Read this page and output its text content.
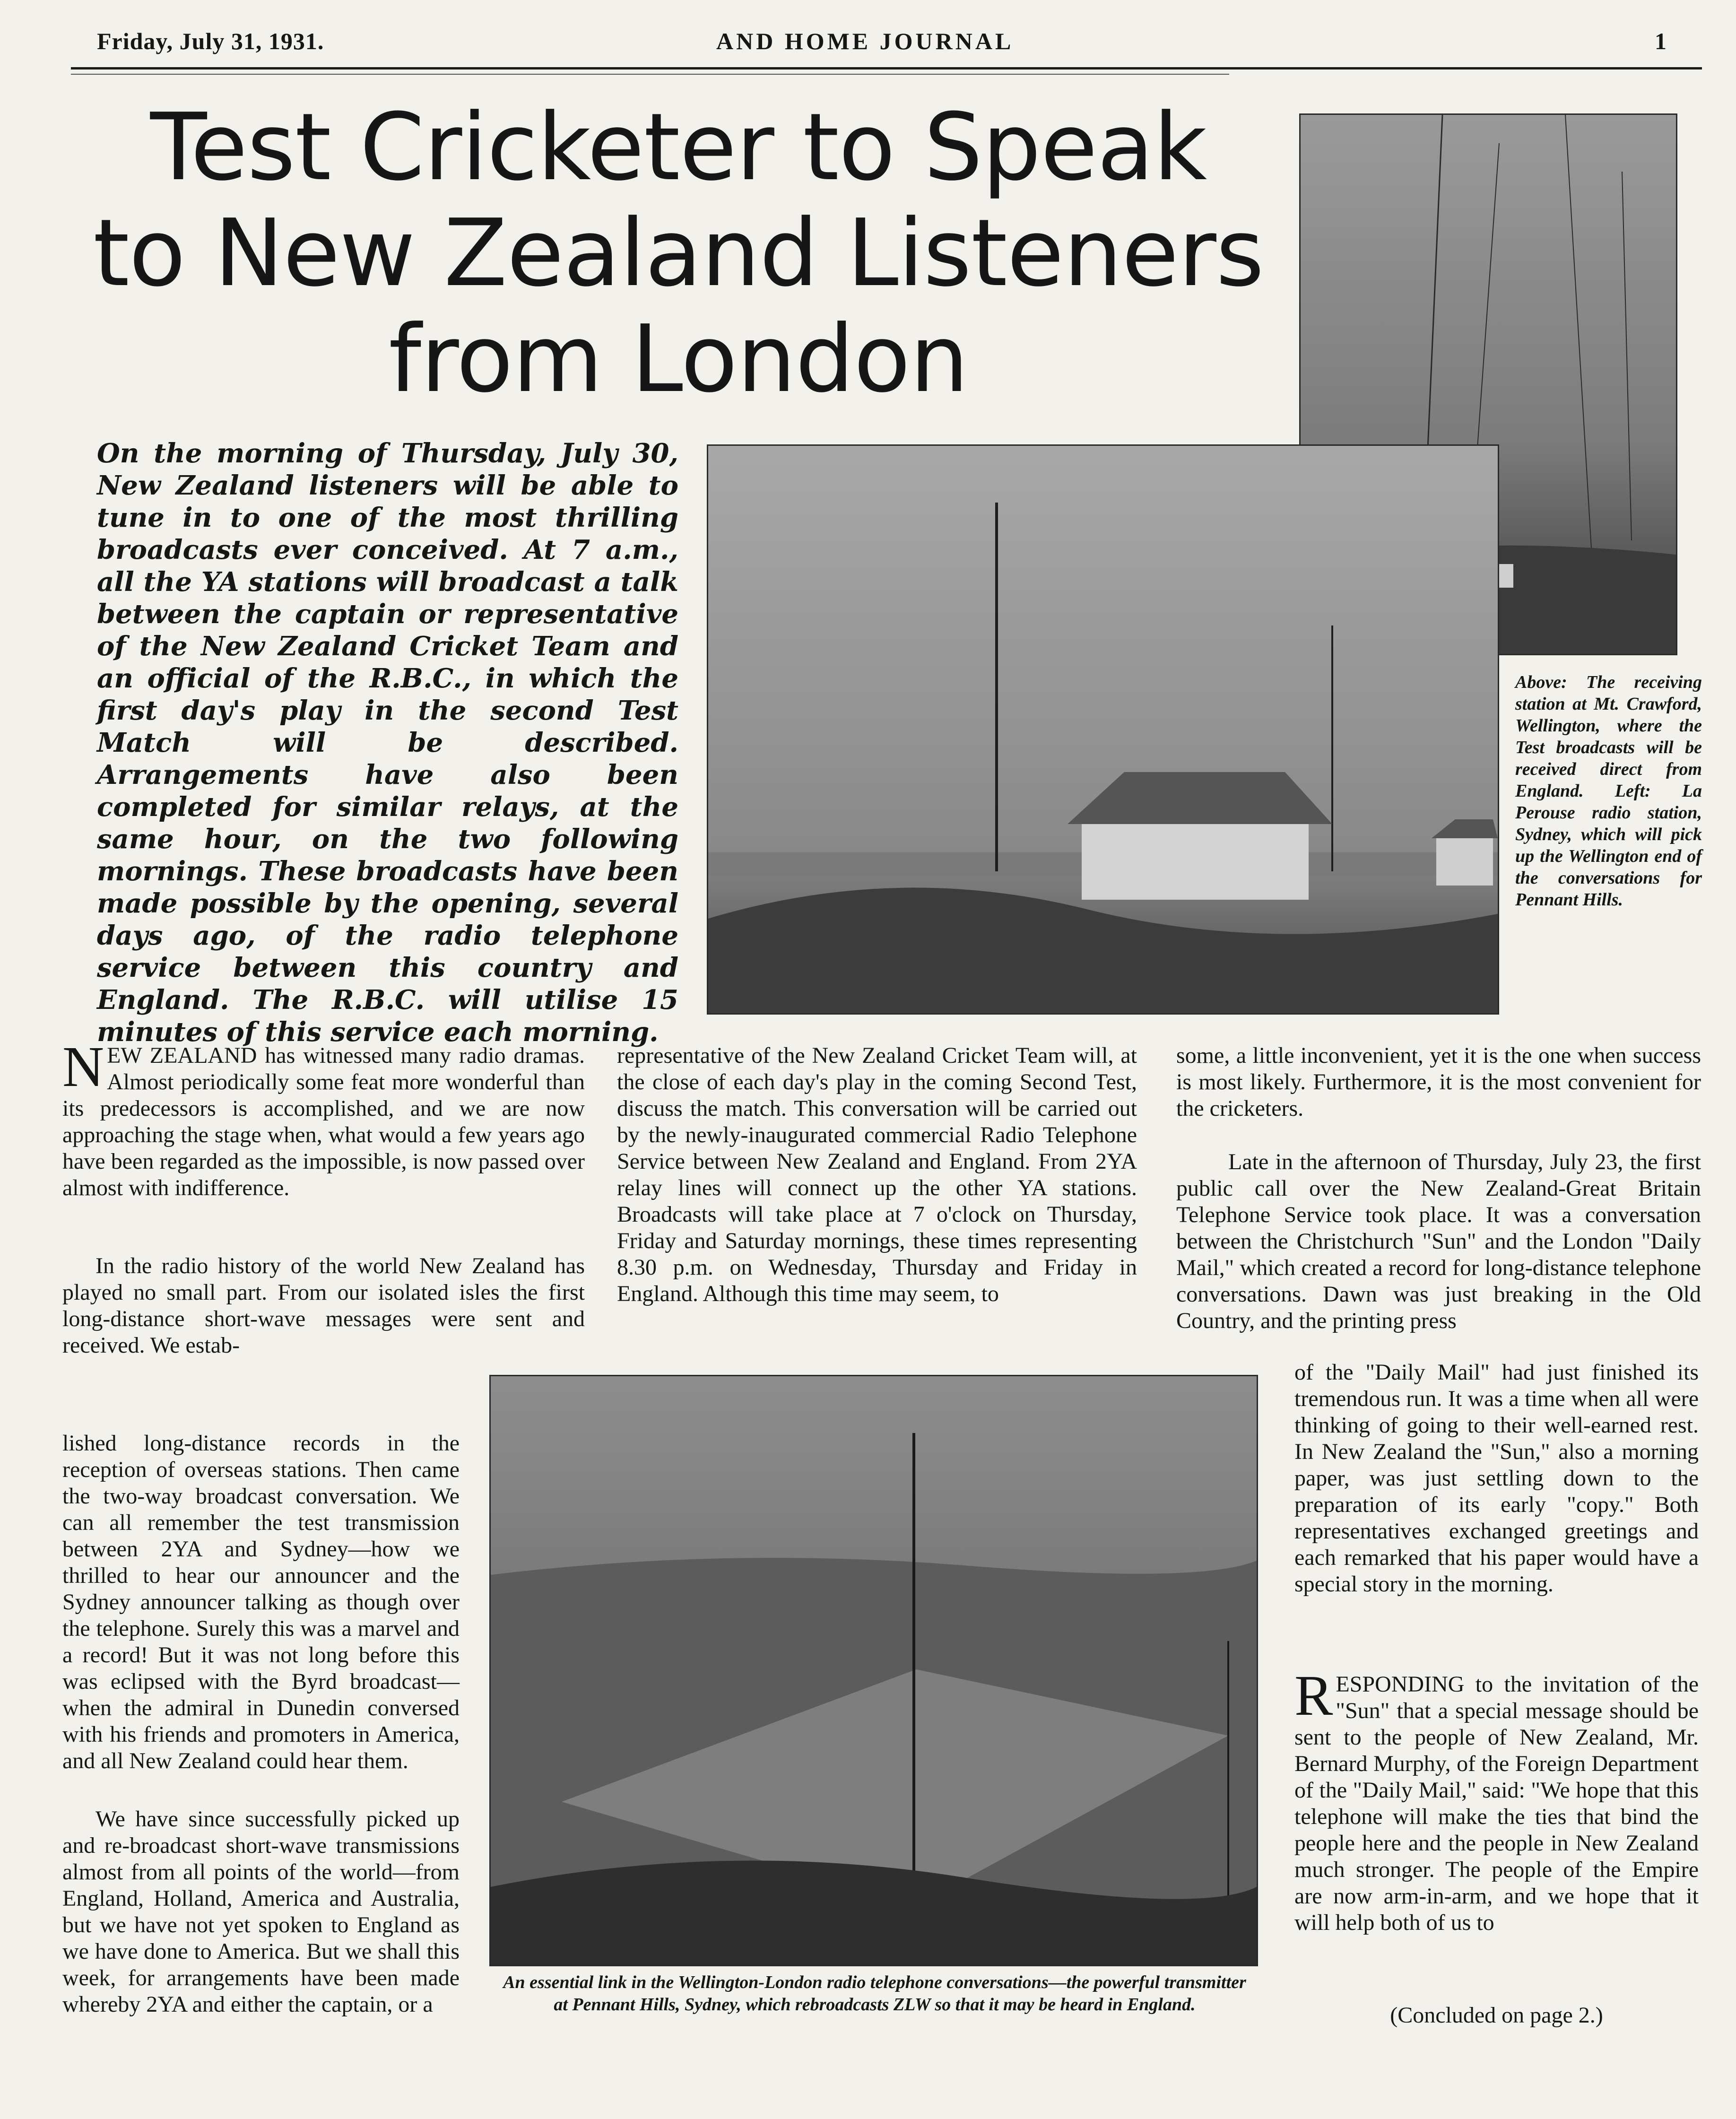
Friday, July 31, 1931.	AND HOME JOURNAL	1
Test Cricketer to Speak
to New Zealand Listeners
from London

On the morning of Thursday, July 30, New Zealand listeners will be able to tune in to one of the most thrilling broadcasts ever conceived. At 7 a.m., all the YA stations will broadcast a talk between the captain or representative of the New Zealand Cricket Team and an official of the R.B.C., in which the first day's play in the second Test Match will be described. Arrangements have also been completed for similar relays, at the same hour, on the two following mornings. These broadcasts have been made possible by the opening, several days ago, of the radio telephone service between this country and England. The R.B.C. will utilise 15 minutes of this service each morning.

Above: The receiving station at Mt. Crawford, Wellington, where the Test broadcasts will be received direct from England. Left: La Perouse radio station, Sydney, which will pick up the Wellington end of the conversations for Pennant Hills.

An essential link in the Wellington-London radio telephone conversations—the powerful transmitter at Pennant Hills, Sydney, which rebroadcasts ZLW so that it may be heard in England.

NEW ZEALAND has witnessed many radio dramas. Almost periodically some feat more wonderful than its predecessors is accomplished, and we are now approaching the stage when, what would a few years ago have been regarded as the impossible, is now passed over almost with indifference.

In the radio history of the world New Zealand has played no small part. From our isolated isles the first long-distance short-wave messages were sent and received. We estab-

lished long-distance records in the reception of overseas stations. Then came the two-way broadcast conversation. We can all remember the test transmission between 2YA and Sydney—how we thrilled to hear our announcer and the Sydney announcer talking as though over the telephone. Surely this was a marvel and a record! But it was not long before this was eclipsed with the Byrd broadcast—when the admiral in Dunedin conversed with his friends and promoters in America, and all New Zealand could hear them.

We have since successfully picked up and re-broadcast short-wave transmissions almost from all points of the world—from England, Holland, America and Australia, but we have not yet spoken to England as we have done to America. But we shall this week, for arrangements have been made whereby 2YA and either the captain, or a

representative of the New Zealand Cricket Team will, at the close of each day's play in the coming Second Test, discuss the match. This conversation will be carried out by the newly-inaugurated commercial Radio Telephone Service between New Zealand and England. From 2YA relay lines will connect up the other YA stations. Broadcasts will take place at 7 o'clock on Thursday, Friday and Saturday mornings, these times representing 8.30 p.m. on Wednesday, Thursday and Friday in England. Although this time may seem, to

some, a little inconvenient, yet it is the one when success is most likely. Furthermore, it is the most convenient for the cricketers.

Late in the afternoon of Thursday, July 23, the first public call over the New Zealand-Great Britain Telephone Service took place. It was a conversation between the Christchurch "Sun" and the London "Daily Mail," which created a record for long-distance telephone conversations. Dawn was just breaking in the Old Country, and the printing press

of the "Daily Mail" had just finished its tremendous run. It was a time when all were thinking of going to their well-earned rest. In New Zealand the "Sun," also a morning paper, was just settling down to the preparation of its early "copy." Both representatives exchanged greetings and each remarked that his paper would have a special story in the morning.

RESPONDING to the invitation of the "Sun" that a special message should be sent to the people of New Zealand, Mr. Bernard Murphy, of the Foreign Department of the "Daily Mail," said: "We hope that this telephone will make the ties that bind the people here and the people in New Zealand much stronger. The people of the Empire are now arm-in-arm, and we hope that it will help both of us to

(Concluded on page 2.)
